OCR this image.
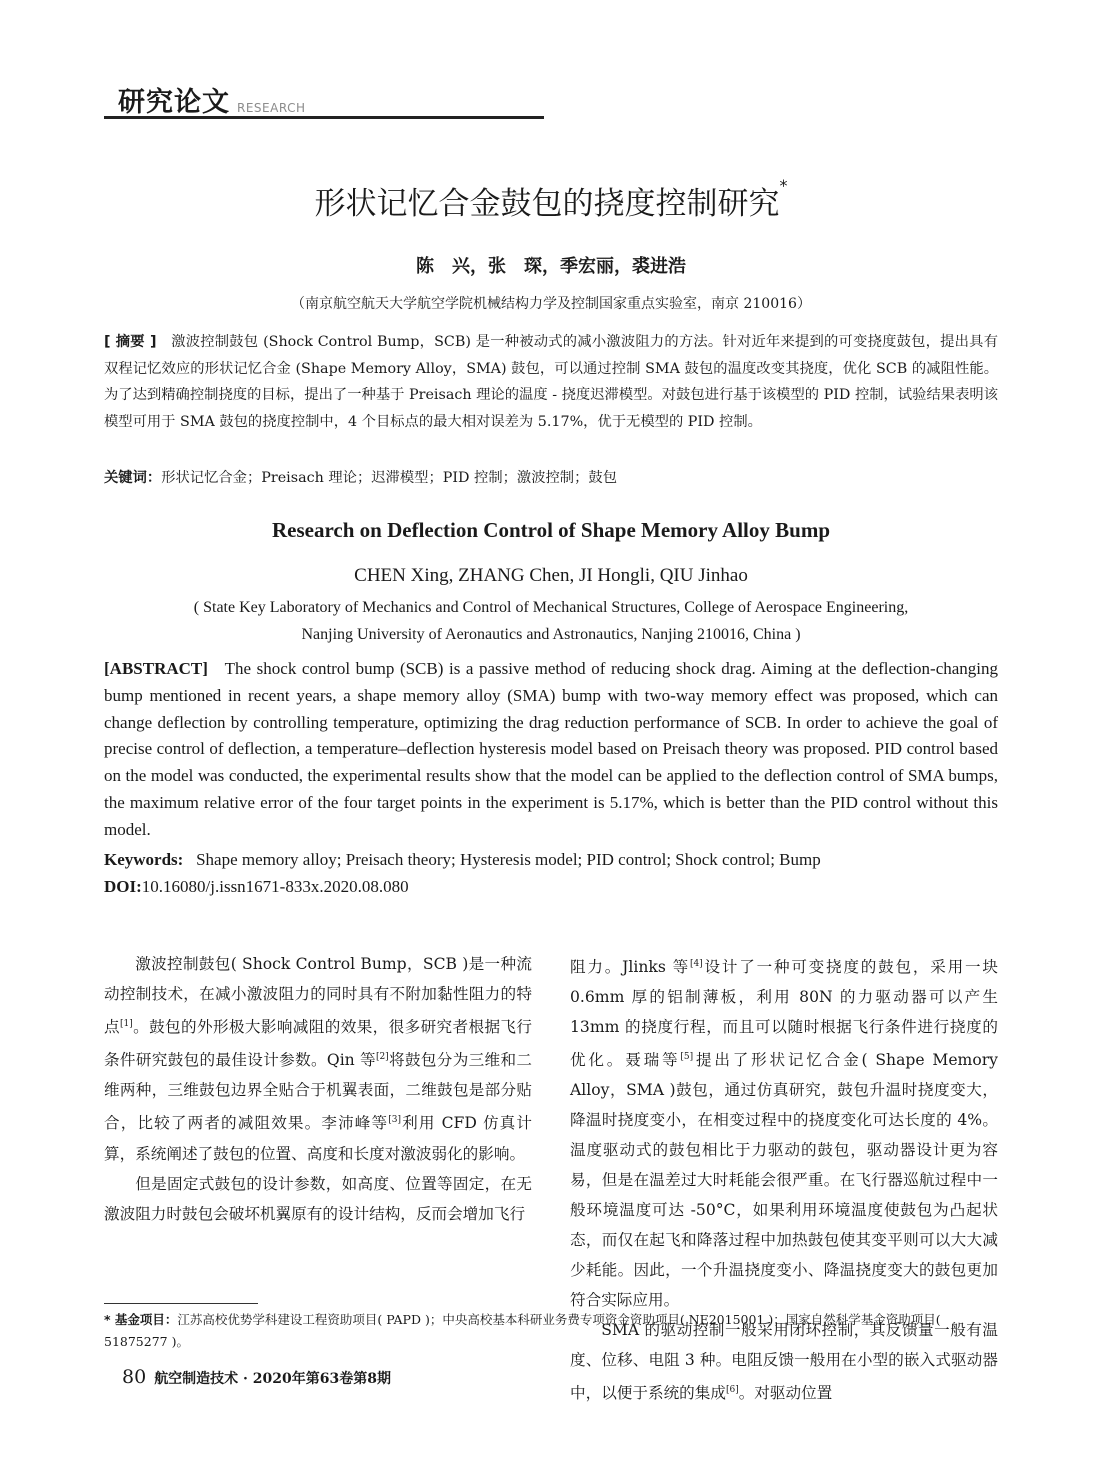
研究论文 RESEARCH
形状记忆合金鼓包的挠度控制研究*
陈　兴，张　琛，季宏丽，裘进浩
（南京航空航天大学航空学院机械结构力学及控制国家重点实验室，南京 210016）
[ 摘要 ]　 激波控制鼓包 (Shock Control Bump，SCB) 是一种被动式的减小激波阻力的方法。针对近年来提到的可变挠度鼓包，提出具有双程记忆效应的形状记忆合金 (Shape Memory Alloy，SMA) 鼓包，可以通过控制 SMA 鼓包的温度改变其挠度，优化 SCB 的减阻性能。为了达到精确控制挠度的目标，提出了一种基于 Preisach 理论的温度 - 挠度迟滞模型。对鼓包进行基于该模型的 PID 控制，试验结果表明该模型可用于 SMA 鼓包的挠度控制中，4 个目标点的最大相对误差为 5.17%，优于无模型的 PID 控制。
关键词：形状记忆合金；Preisach 理论；迟滞模型；PID 控制；激波控制；鼓包
Research on Deflection Control of Shape Memory Alloy Bump
CHEN Xing, ZHANG Chen, JI Hongli, QIU Jinhao
( State Key Laboratory of Mechanics and Control of Mechanical Structures, College of Aerospace Engineering,
Nanjing University of Aeronautics and Astronautics, Nanjing 210016, China )
[ABSTRACT] The shock control bump (SCB) is a passive method of reducing shock drag. Aiming at the deflection-changing bump mentioned in recent years, a shape memory alloy (SMA) bump with two-way memory effect was proposed, which can change deflection by controlling temperature, optimizing the drag reduction performance of SCB. In order to achieve the goal of precise control of deflection, a temperature–deflection hysteresis model based on Preisach theory was proposed. PID control based on the model was conducted, the experimental results show that the model can be applied to the deflection control of SMA bumps, the maximum relative error of the four target points in the experiment is 5.17%, which is better than the PID control without this model.
Keywords: Shape memory alloy; Preisach theory; Hysteresis model; PID control; Shock control; Bump
DOI:10.16080/j.issn1671-833x.2020.08.080

激波控制鼓包( Shock Control Bump，SCB )是一种流动控制技术，在减小激波阻力的同时具有不附加黏性阻力的特点[1]。鼓包的外形极大影响减阻的效果，很多研究者根据飞行条件研究鼓包的最佳设计参数。Qin 等[2]将鼓包分为三维和二维两种，三维鼓包边界全贴合于机翼表面，二维鼓包是部分贴合，比较了两者的减阻效果。李沛峰等[3]利用 CFD 仿真计算，系统阐述了鼓包的位置、高度和长度对激波弱化的影响。

但是固定式鼓包的设计参数，如高度、位置等固定，在无激波阻力时鼓包会破坏机翼原有的设计结构，反而会增加飞行

阻力。Jlinks 等[4]设计了一种可变挠度的鼓包，采用一块 0.6mm 厚的铝制薄板，利用 80N 的力驱动器可以产生 13mm 的挠度行程，而且可以随时根据飞行条件进行挠度的优化。聂瑞等[5]提出了形状记忆合金( Shape Memory Alloy，SMA )鼓包，通过仿真研究，鼓包升温时挠度变大，降温时挠度变小，在相变过程中的挠度变化可达长度的 4%。温度驱动式的鼓包相比于力驱动的鼓包，驱动器设计更为容易，但是在温差过大时耗能会很严重。在飞行器巡航过程中一般环境温度可达 -50°C，如果利用环境温度使鼓包为凸起状态，而仅在起飞和降落过程中加热鼓包使其变平则可以大大减少耗能。因此，一个升温挠度变小、降温挠度变大的鼓包更加符合实际应用。

SMA 的驱动控制一般采用闭环控制，其反馈量一般有温度、位移、电阻 3 种。电阻反馈一般用在小型的嵌入式驱动器中，以便于系统的集成[6]。对驱动位置

* 基金项目：江苏高校优势学科建设工程资助项目( PAPD )；中央高校基本科研业务费专项资金资助项目( NE2015001 )；国家自然科学基金资助项目( 51875277 )。
80 航空制造技术 · 2020年第63卷第8期
